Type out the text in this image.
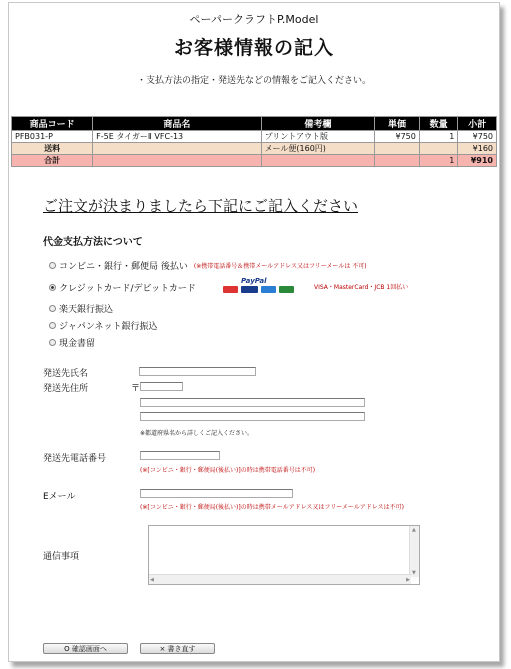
ペーパークラフトP.Model
お客様情報の記入
・支払方法の指定・発送先などの情報をご記入ください。
商品コード	商品名	備考欄	単価	数量	小計
PFB031-P	F-5E タイガーⅡ VFC-13	プリントアウト版	¥750	1	¥750
送料		メール便(160円)			¥160
合計				1	¥910
ご注文が決まりましたら下記にご記入ください
代金支払方法について
コンビニ・銀行・郵便局 後払い (※携帯電話番号＆携帯メールアドレス又はフリーメールは 不可)
クレジットカード/デビットカード
PayPal
VISA・MasterCard・JCB 1回払い
楽天銀行振込
ジャパンネット銀行振込
現金書留
発送先氏名
発送先住所	〒
※都道府県名から詳しくご記入ください。
発送先電話番号
(※[コンビニ・銀行・郵便局(後払い)]の時は携帯電話番号は不可)
Eメール
(※[コンビニ・銀行・郵便局(後払い)]の時は携帯メールアドレス又はフリーメールアドレスは不可)
通信事項
▲
▼
◀	▶
O 確認画面へ	× 書き直す
